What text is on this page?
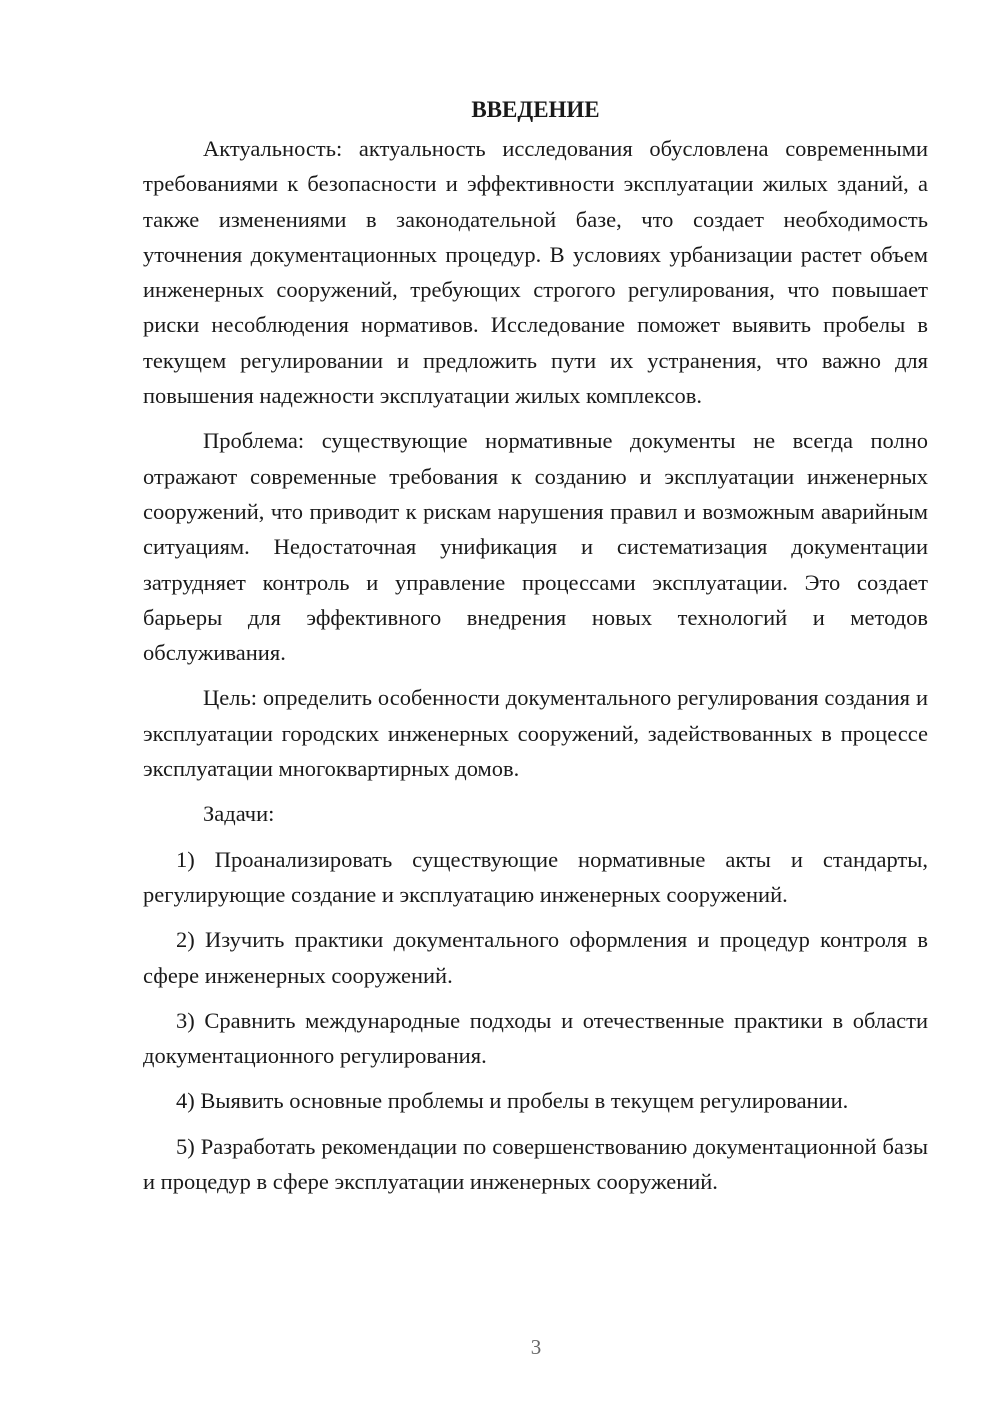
ВВЕДЕНИЕ

Актуальность: актуальность исследования обусловлена современными требованиями к безопасности и эффективности эксплуатации жилых зданий, а также изменениями в законодательной базе, что создает необходимость уточнения документационных процедур. В условиях урбанизации растет объем инженерных сооружений, требующих строгого регулирования, что повышает риски несоблюдения нормативов. Исследование поможет выявить пробелы в текущем регулировании и предложить пути их устранения, что важно для повышения надежности эксплуатации жилых комплексов.

Проблема: существующие нормативные документы не всегда полно отражают современные требования к созданию и эксплуатации инженерных сооружений, что приводит к рискам нарушения правил и возможным аварийным ситуациям. Недостаточная унификация и систематизация документации затрудняет контроль и управление процессами эксплуатации. Это создает барьеры для эффективного внедрения новых технологий и методов обслуживания.

Цель: определить особенности документального регулирования создания и эксплуатации городских инженерных сооружений, задействованных в процессе эксплуатации многоквартирных домов.

Задачи:

1) Проанализировать существующие нормативные акты и стандарты, регулирующие создание и эксплуатацию инженерных сооружений.

2) Изучить практики документального оформления и процедур контроля в сфере инженерных сооружений.

3) Сравнить международные подходы и отечественные практики в области документационного регулирования.

4) Выявить основные проблемы и пробелы в текущем регулировании.

5) Разработать рекомендации по совершенствованию документационной базы и процедур в сфере эксплуатации инженерных сооружений.

3
